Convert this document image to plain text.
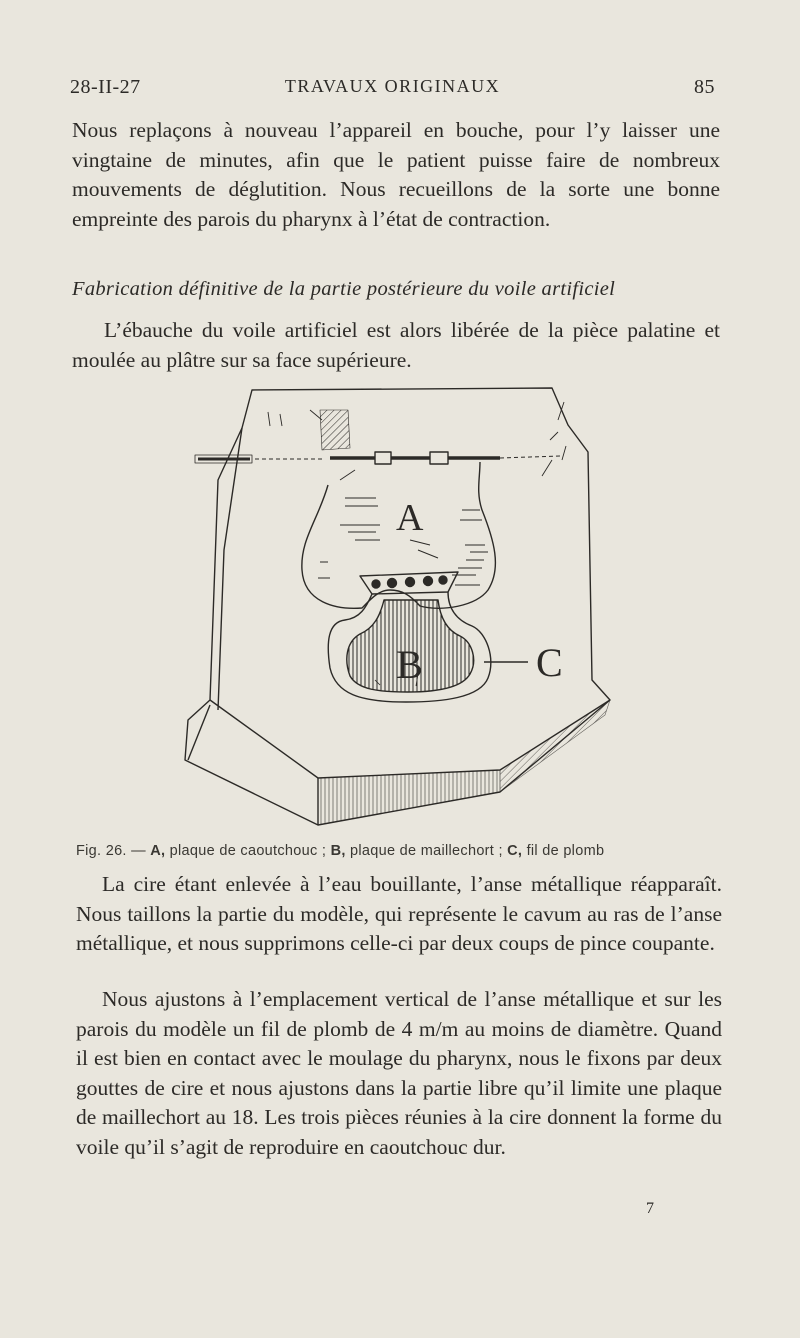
28-II-27	TRAVAUX ORIGINAUX	85
Nous replaçons à nouveau l’appareil en bouche, pour l’y laisser une vingtaine de minutes, afin que le patient puisse faire de nombreux mouvements de déglutition. Nous recueillons de la sorte une bonne empreinte des parois du pharynx à l’état de contraction.
Fabrication définitive de la partie postérieure du voile artificiel
L’ébauche du voile artificiel est alors libérée de la pièce palatine et moulée au plâtre sur sa face supérieure.
A
B	C
Fig. 26. — A, plaque de caoutchouc ; B, plaque de maillechort ; C, fil de plomb
La cire étant enlevée à l’eau bouillante, l’anse métallique réapparaît. Nous taillons la partie du modèle, qui représente le cavum au ras de l’anse métallique, et nous supprimons celle-ci par deux coups de pince coupante.
Nous ajustons à l’emplacement vertical de l’anse métallique et sur les parois du modèle un fil de plomb de 4 m/m au moins de diamètre. Quand il est bien en contact avec le moulage du pharynx, nous le fixons par deux gouttes de cire et nous ajustons dans la partie libre qu’il limite une plaque de maillechort au 18. Les trois pièces réunies à la cire donnent la forme du voile qu’il s’agit de reproduire en caoutchouc dur.
7
